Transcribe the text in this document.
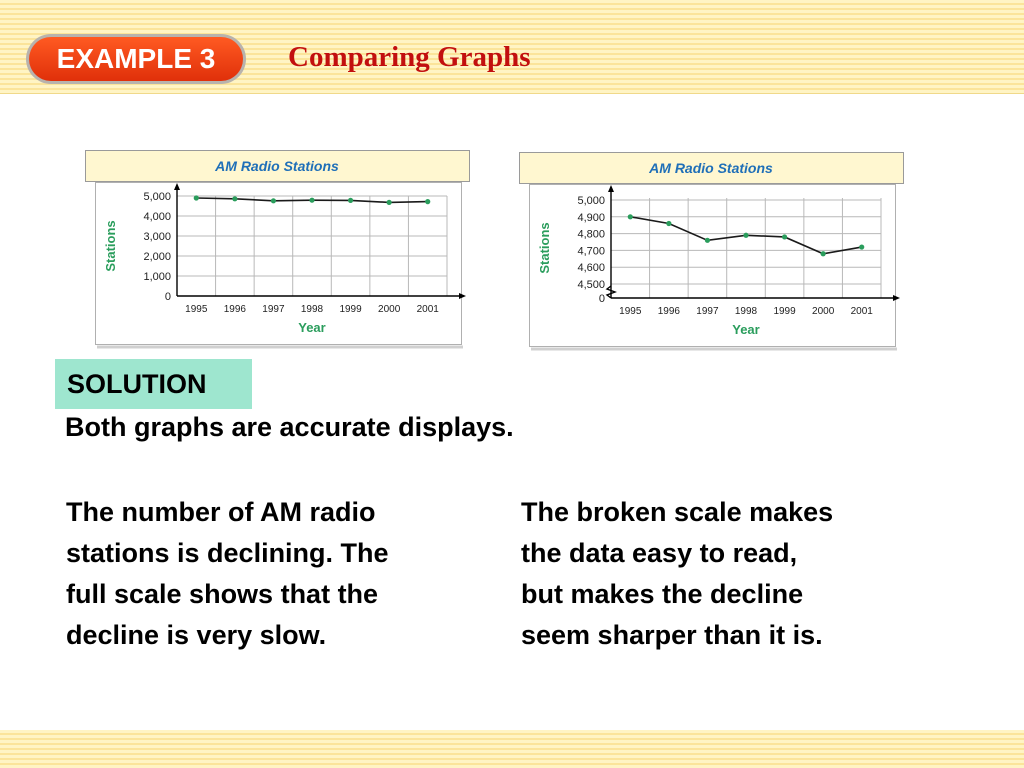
EXAMPLE 3	Comparing Graphs
AM Radio Stations
0
1,000
2,000
3,000
4,000
5,000
1995 1996 1997 1998 1999 2000 2001
Year
Stations
AM Radio Stations
4,500
4,600
4,700
4,800
4,900
5,000
0
1995 1996 1997 1998 1999 2000 2001
Year
Stations
SOLUTION
Both graphs are accurate displays.
The number of AM radio
stations is declining. The
full scale shows that the
decline is very slow.
The broken scale makes
the data easy to read,
but makes the decline
seem sharper than it is.
